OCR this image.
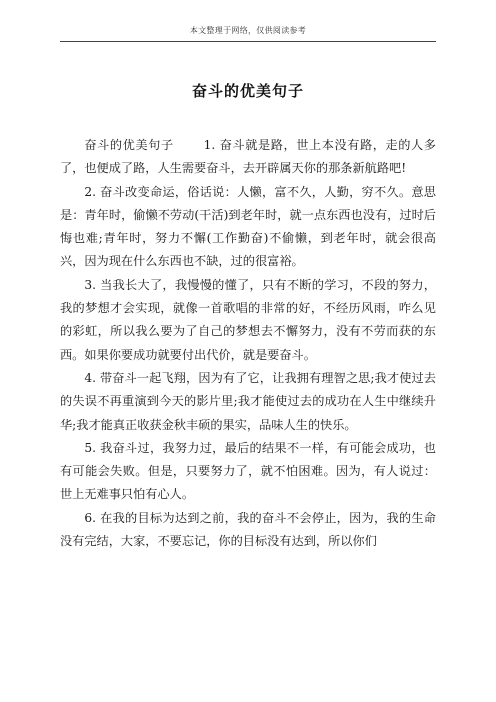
本文整理于网络，仅供阅读参考
奋斗的优美句子

奋斗的优美句子 1. 奋斗就是路，世上本没有路，走的人多了，也便成了路，人生需要奋斗，去开辟属天你的那条新航路吧!

2. 奋斗改变命运，俗话说：人懒，富不久，人勤，穷不久。意思是：青年时，偷懒不劳动(干活)到老年时，就一点东西也没有，过时后悔也难;青年时，努力不懈(工作勤奋)不偷懒，到老年时，就会很高兴，因为现在什么东西也不缺，过的很富裕。

3. 当我长大了，我慢慢的懂了，只有不断的学习，不段的努力，我的梦想才会实现，就像一首歌唱的非常的好，不经历风雨，咋么见的彩虹，所以我么要为了自己的梦想去不懈努力，没有不劳而获的东西。如果你要成功就要付出代价，就是要奋斗。

4. 带奋斗一起飞翔，因为有了它，让我拥有理智之思;我才使过去的失误不再重演到今天的影片里;我才能使过去的成功在人生中继续升华;我才能真正收获金秋丰硕的果实，品味人生的快乐。

5. 我奋斗过，我努力过，最后的结果不一样，有可能会成功，也有可能会失败。但是，只要努力了，就不怕困难。因为，有人说过：世上无难事只怕有心人。

6. 在我的目标为达到之前，我的奋斗不会停止，因为，我的生命没有完结，大家，不要忘记，你的目标没有达到，所以你们
